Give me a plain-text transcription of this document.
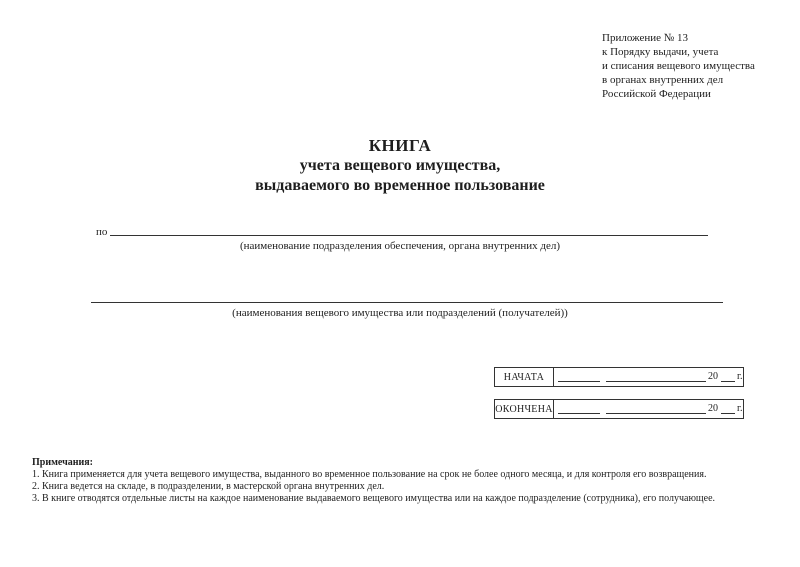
Приложение № 13
к Порядку выдачи, учета
и списания вещевого имущества
в органах внутренних дел
Российской Федерации
КНИГА
учета вещевого имущества,
выдаваемого во временное пользование
по
(наименование подразделения обеспечения, органа внутренних дел)
(наименования вещевого имущества или подразделений (получателей))
НАЧАТА	20 г.
ОКОНЧЕНА	20 г.
Примечания:
1. Книга применяется для учета вещевого имущества, выданного во временное пользование на срок не более одного месяца, и для контроля его возвращения.
2. Книга ведется на складе, в подразделении, в мастерской органа внутренних дел.
3. В книге отводятся отдельные листы на каждое наименование выдаваемого вещевого имущества или на каждое подразделение (сотрудника), его получающее.
